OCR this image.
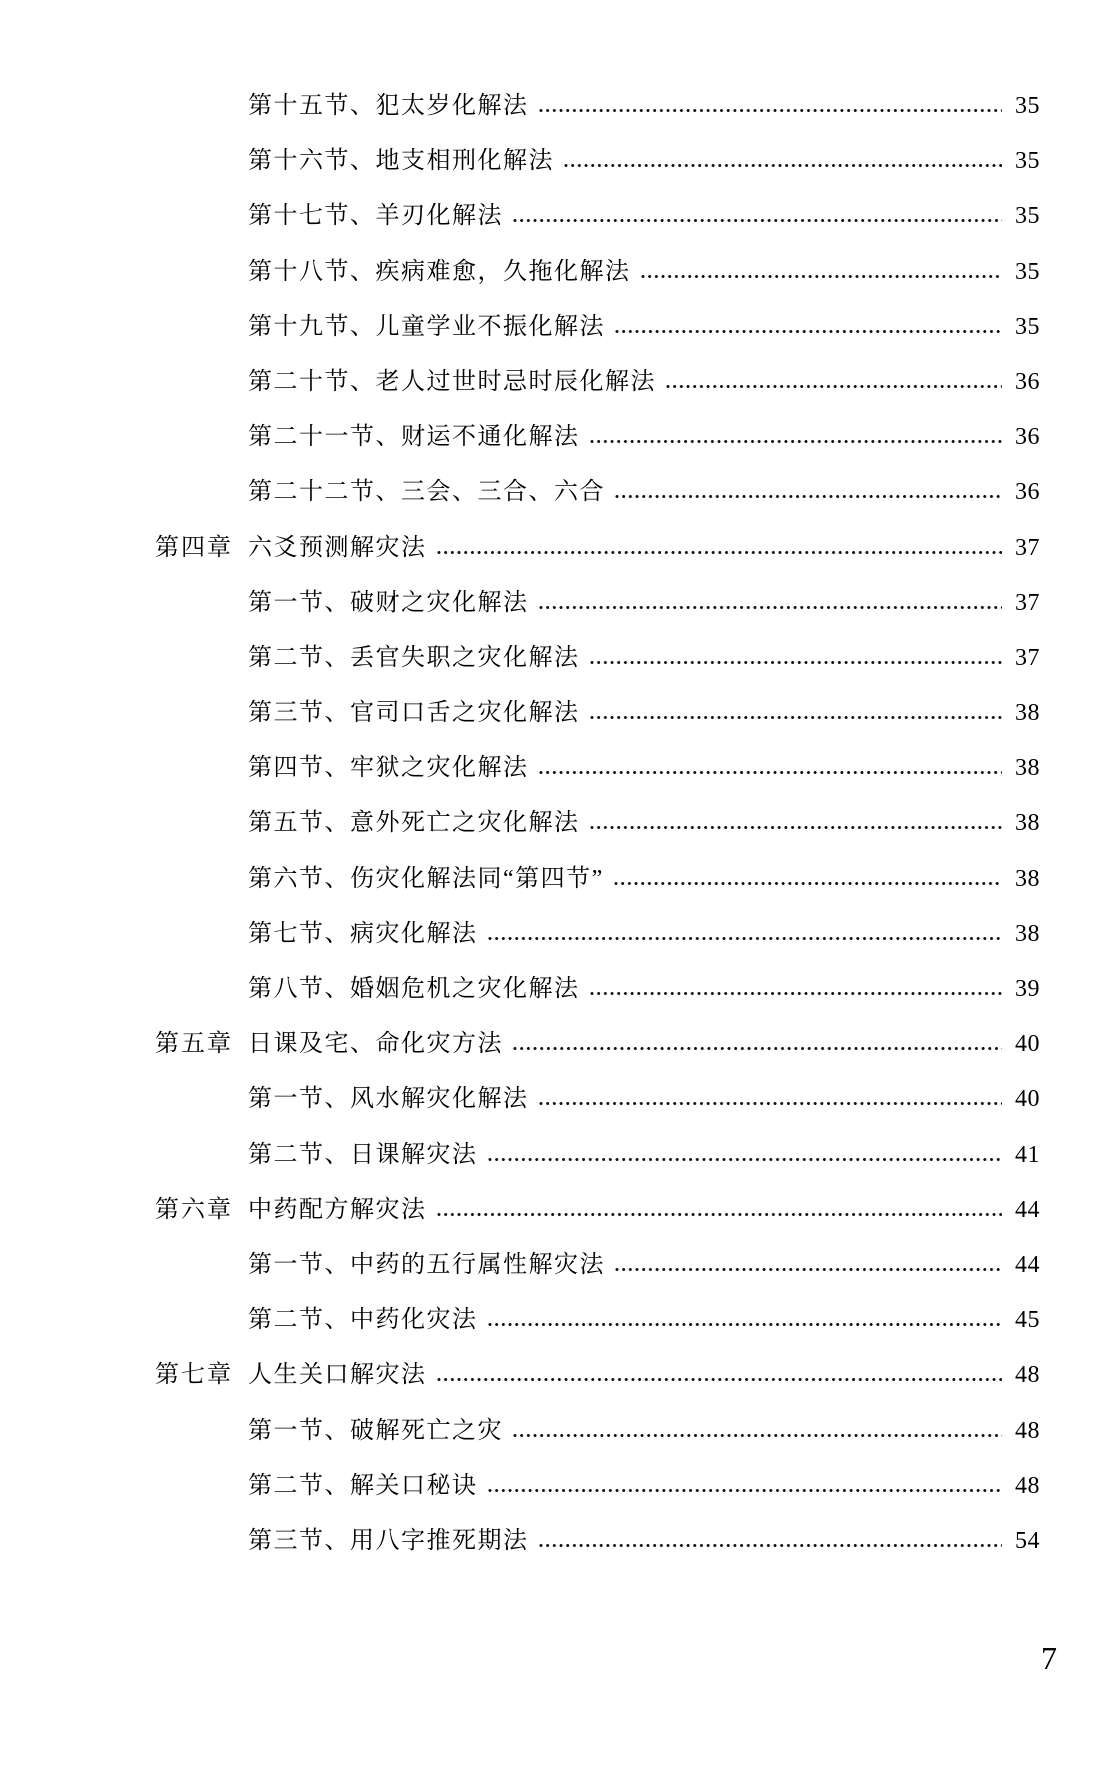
第十五节、犯太岁化解法	35
第十六节、地支相刑化解法	35
第十七节、羊刃化解法	35
第十八节、疾病难愈，久拖化解法	35
第十九节、儿童学业不振化解法	35
第二十节、老人过世时忌时辰化解法	36
第二十一节、财运不通化解法	36
第二十二节、三会、三合、六合	36
第四章 六爻预测解灾法	37
第一节、破财之灾化解法	37
第二节、丢官失职之灾化解法	37
第三节、官司口舌之灾化解法	38
第四节、牢狱之灾化解法	38
第五节、意外死亡之灾化解法	38
第六节、伤灾化解法同“第四节”	38
第七节、病灾化解法	38
第八节、婚姻危机之灾化解法	39
第五章 日课及宅、命化灾方法	40
第一节、风水解灾化解法	40
第二节、日课解灾法	41
第六章 中药配方解灾法	44
第一节、中药的五行属性解灾法	44
第二节、中药化灾法	45
第七章 人生关口解灾法	48
第一节、破解死亡之灾	48
第二节、解关口秘诀	48
第三节、用八字推死期法	54
7
